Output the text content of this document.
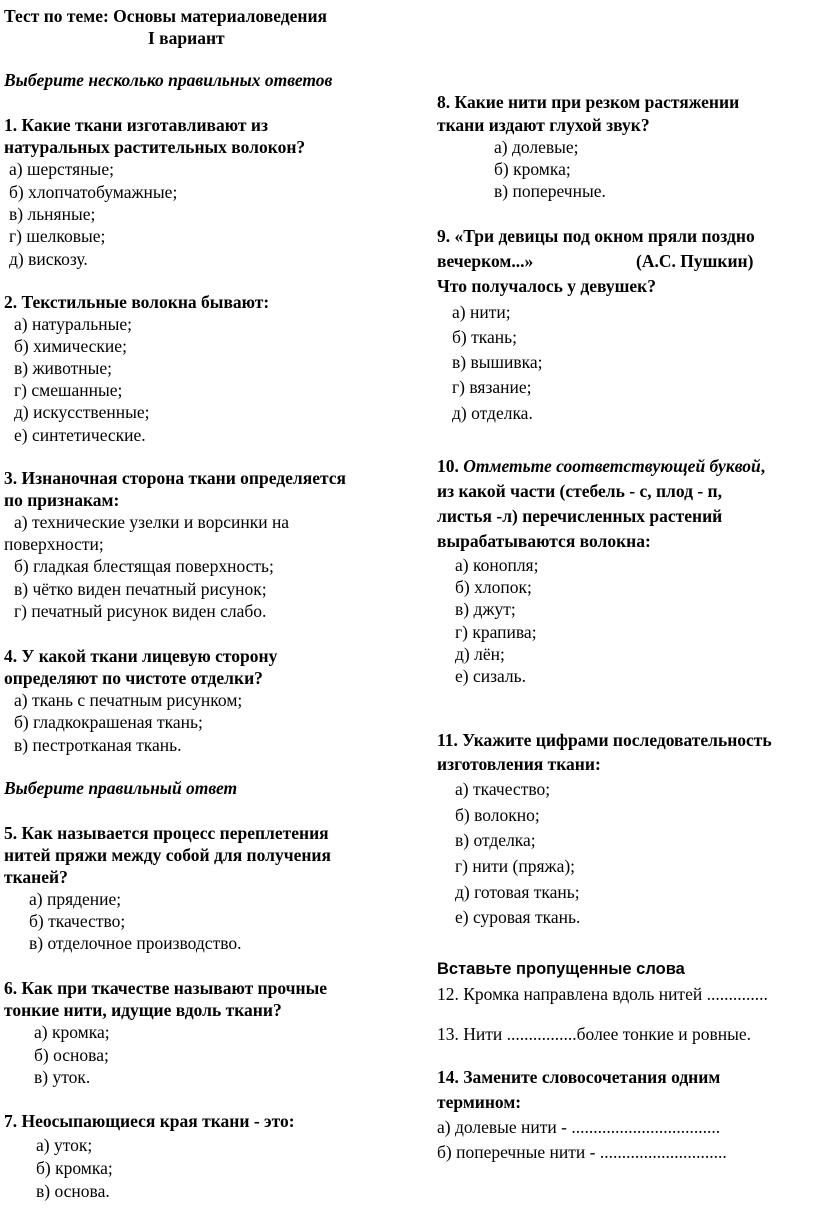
Тест по теме: Основы материаловедения
I вариант
Выберите несколько правильных ответов
1. Какие ткани изготавливают из
натуральных растительных волокон?
а) шерстяные;
б) хлопчатобумажные;
в) льняные;
г) шелковые;
д) вискозу.
2. Текстильные волокна бывают:
а) натуральные;
б) химические;
в) животные;
г) смешанные;
д) искусственные;
е) синтетические.
3. Изнаночная сторона ткани определяется
по признакам:
а) технические узелки и ворсинки на
поверхности;
б) гладкая блестящая поверхность;
в) чётко виден печатный рисунок;
г) печатный рисунок виден слабо.
4. У какой ткани лицевую сторону
определяют по чистоте отделки?
а) ткань с печатным рисунком;
б) гладкокрашеная ткань;
в) пестротканая ткань.
Выберите правильный ответ
5. Как называется процесс переплетения
нитей пряжи между собой для получения
тканей?
а) прядение;
б) ткачество;
в) отделочное производство.
6. Как при ткачестве называют прочные
тонкие нити, идущие вдоль ткани?
а) кромка;
б) основа;
в) уток.
7. Неосыпающиеся края ткани - это:
а) уток;
б) кромка;
в) основа.
8. Какие нити при резком растяжении
ткани издают глухой звук?
а) долевые;
б) кромка;
в) поперечные.
9. «Три девицы под окном пряли поздно
вечерком...»	(А.С. Пушкин)
Что получалось у девушек?
а) нити;
б) ткань;
в) вышивка;
г) вязание;
д) отделка.
10. Отметьте соответствующей буквой,
из какой части (стебель - с, плод - п,
листья -л) перечисленных растений
вырабатываются волокна:
а) конопля;
б) хлопок;
в) джут;
г) крапива;
д) лён;
е) сизаль.
11. Укажите цифрами последовательность
изготовления ткани:
а) ткачество;
б) волокно;
в) отделка;
г) нити (пряжа);
д) готовая ткань;
е) суровая ткань.
Вставьте пропущенные слова
12. Кромка направлена вдоль нитей ..............
13. Нити ................более тонкие и ровные.
14. Замените словосочетания одним
термином:
а) долевые нити - ..................................
б) поперечные нити - .............................
